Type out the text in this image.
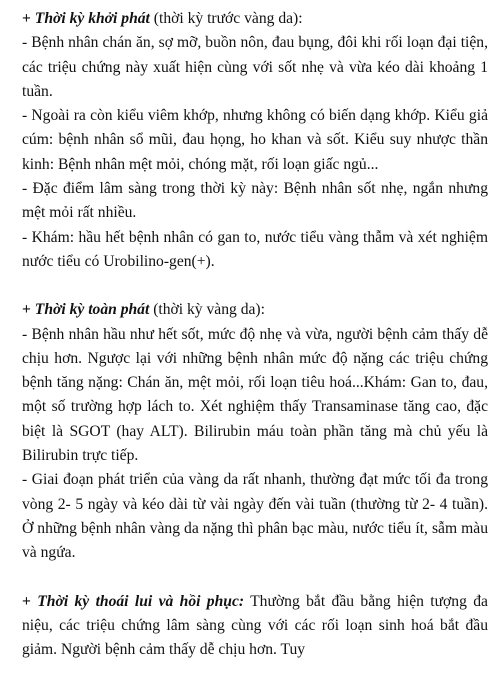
+ Thời kỳ khởi phát (thời kỳ trước vàng da):

- Bệnh nhân chán ăn, sợ mỡ, buồn nôn, đau bụng, đôi khi rối loạn đại tiện, các triệu chứng này xuất hiện cùng với sốt nhẹ và vừa kéo dài khoảng 1 tuần.

- Ngoài ra còn kiểu viêm khớp, nhưng không có biến dạng khớp. Kiểu giả cúm: bệnh nhân sổ mũi, đau họng, ho khan và sốt. Kiểu suy nhược thần kinh: Bệnh nhân mệt mỏi, chóng mặt, rối loạn giấc ngủ...

- Đặc điểm lâm sàng trong thời kỳ này: Bệnh nhân sốt nhẹ, ngắn nhưng mệt mỏi rất nhiều.

- Khám: hầu hết bệnh nhân có gan to, nước tiểu vàng thẫm và xét nghiệm nước tiểu có Urobilino-gen(+).

+ Thời kỳ toàn phát (thời kỳ vàng da):

- Bệnh nhân hầu như hết sốt, mức độ nhẹ và vừa, người bệnh cảm thấy dễ chịu hơn. Ngược lại với những bệnh nhân mức độ nặng các triệu chứng bệnh tăng nặng: Chán ăn, mệt mỏi, rối loạn tiêu hoá...Khám: Gan to, đau, một số trường hợp lách to. Xét nghiệm thấy Transaminase tăng cao, đặc biệt là SGOT (hay ALT). Bilirubin máu toàn phần tăng mà chủ yếu là Bilirubin trực tiếp.

- Giai đoạn phát triển của vàng da rất nhanh, thường đạt mức tối đa trong vòng 2- 5 ngày và kéo dài từ vài ngày đến vài tuần (thường từ 2- 4 tuần). Ở những bệnh nhân vàng da nặng thì phân bạc màu, nước tiểu ít, sẫm màu và ngứa.

+ Thời kỳ thoái lui và hồi phục: Thường bắt đầu bằng hiện tượng đa niệu, các triệu chứng lâm sàng cùng với các rối loạn sinh hoá bắt đầu giảm. Người bệnh cảm thấy dễ chịu hơn. Tuy
